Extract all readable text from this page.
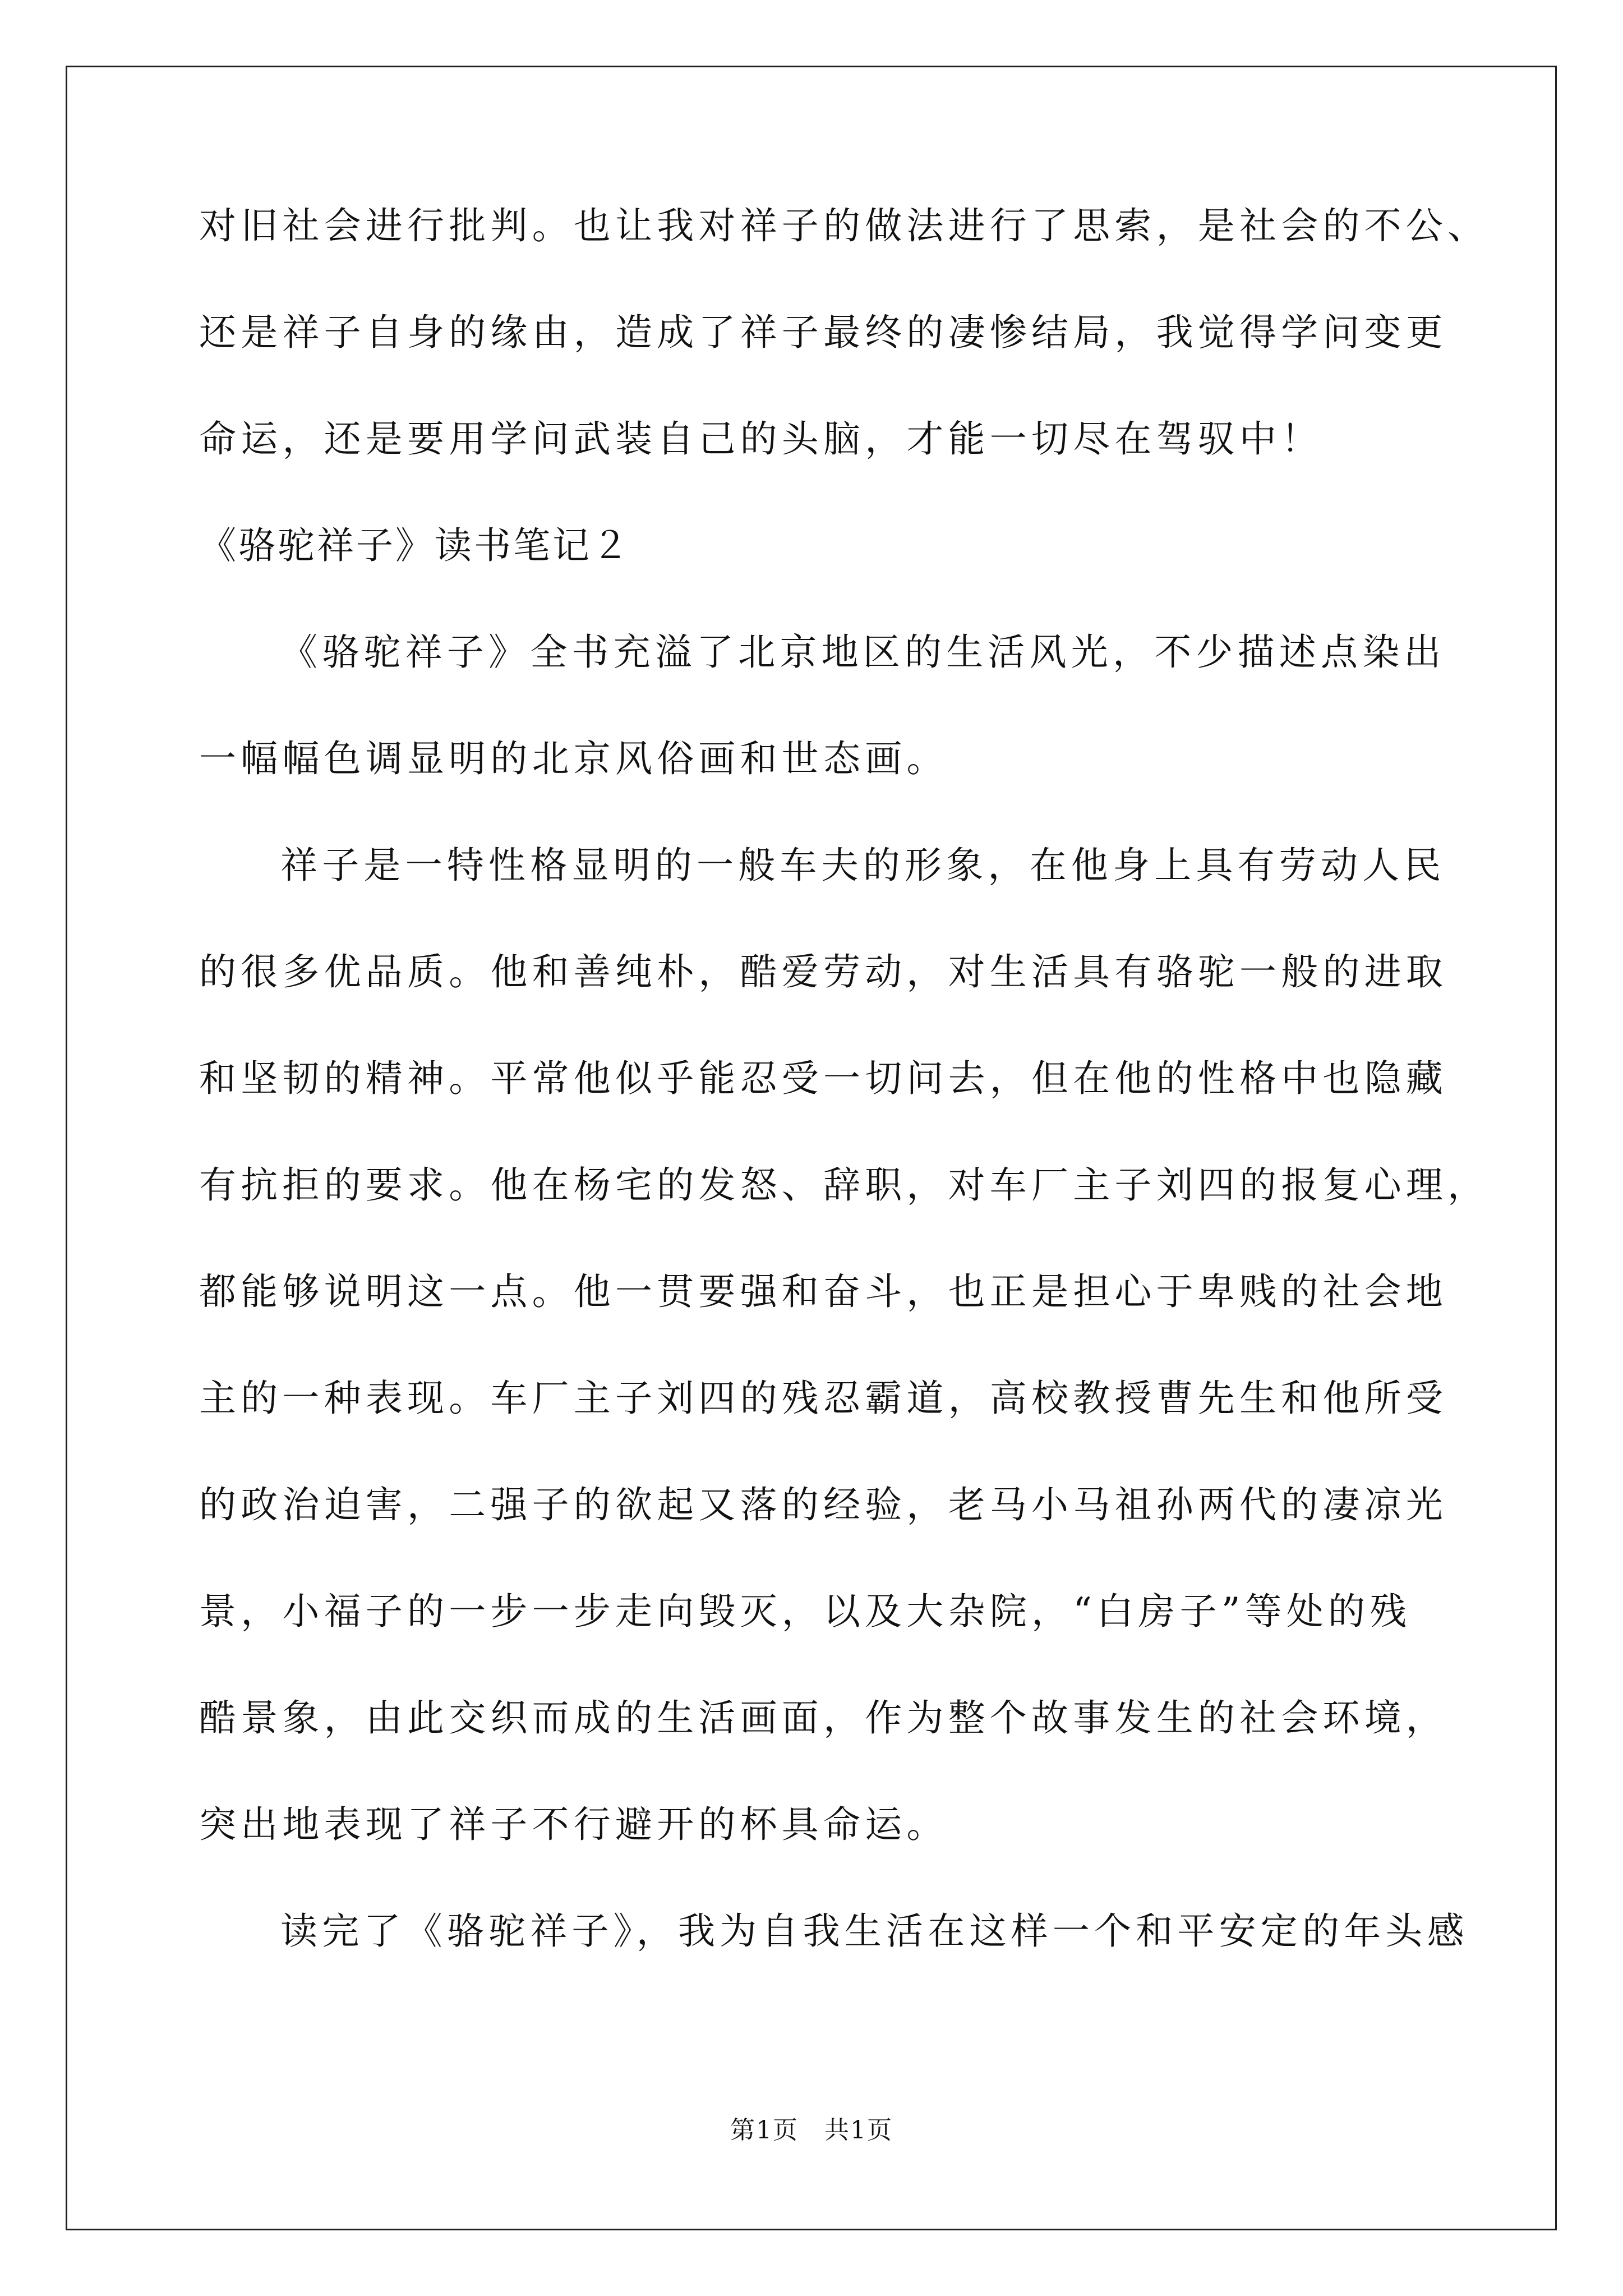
对旧社会进行批判。也让我对祥子的做法进行了思索，是社会的不公、
还是祥子自身的缘由，造成了祥子最终的凄惨结局，我觉得学问变更
命运，还是要用学问武装自己的头脑，才能一切尽在驾驭中！
《骆驼祥子》读书笔记２
《骆驼祥子》全书充溢了北京地区的生活风光，不少描述点染出
一幅幅色调显明的北京风俗画和世态画。
祥子是一特性格显明的一般车夫的形象，在他身上具有劳动人民
的很多优品质。他和善纯朴，酷爱劳动，对生活具有骆驼一般的进取
和坚韧的精神。平常他似乎能忍受一切问去，但在他的性格中也隐藏
有抗拒的要求。他在杨宅的发怒、辞职，对车厂主子刘四的报复心理，
都能够说明这一点。他一贯要强和奋斗，也正是担心于卑贱的社会地
主的一种表现。车厂主子刘四的残忍霸道，高校教授曹先生和他所受
的政治迫害，二强子的欲起又落的经验，老马小马祖孙两代的凄凉光
景，小福子的一步一步走向毁灭，以及大杂院，“白房子”等处的残
酷景象，由此交织而成的生活画面，作为整个故事发生的社会环境，
突出地表现了祥子不行避开的杯具命运。
读完了《骆驼祥子》，我为自我生活在这样一个和平安定的年头感
第1页　共1页
